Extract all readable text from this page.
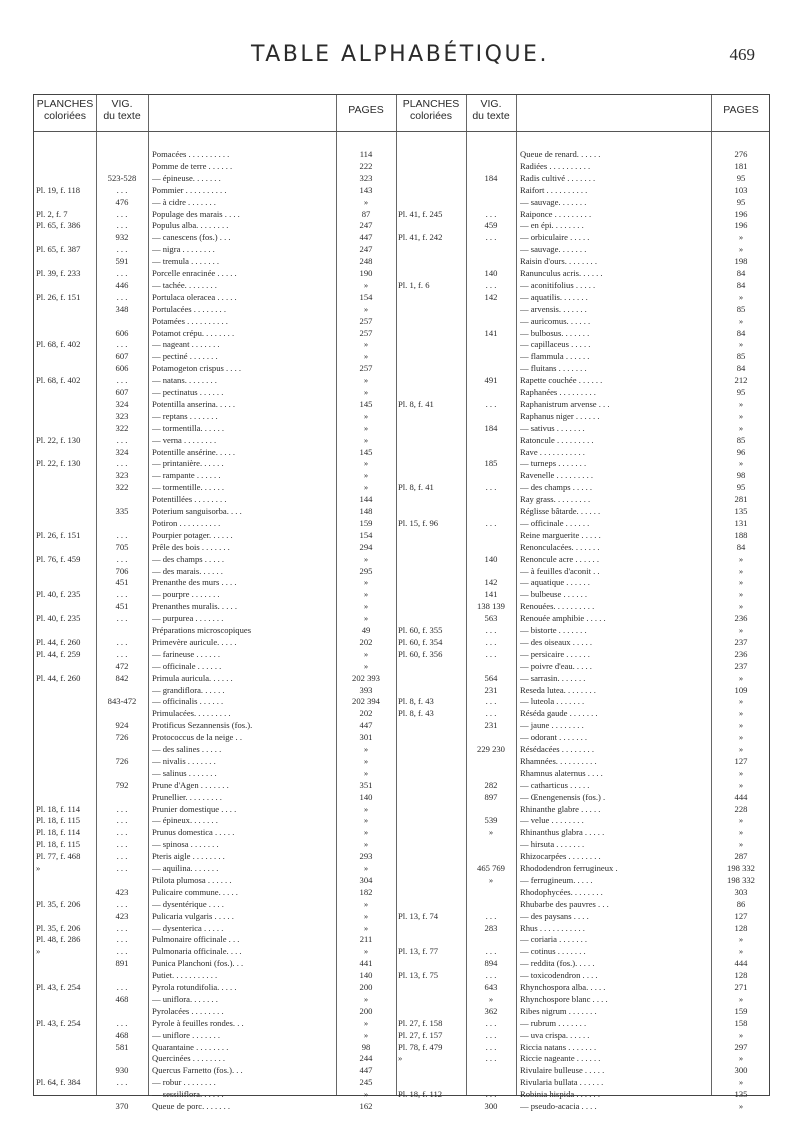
TABLE ALPHABÉTIQUE.	469
PLANCHES
coloriées
VIG.
du texte	PAGES	PLANCHES
coloriées
VIG.
du texte	PAGES
Pomacées . . . . . . . . . .	114
Pomme de terre . . . . . .	222
523-528	— épineuse. . . . . . .	323
Pl. 19, f. 118	. . .	Pommier . . . . . . . . . .	143
476	— à cidre . . . . . . .	»
Pl. 2, f. 7	. . .	Populage des marais . . . .	87
Pl. 65, f. 386	. . .	Populus alba. . . . . . . .	247
932	— canescens (fos.) . . .	447
Pl. 65, f. 387	. . .	— nigra . . . . . . . .	247
591	— tremula . . . . . . .	248
Pl. 39, f. 233	. . .	Porcelle enracinée . . . . .	190
446	— tachée. . . . . . . .	»
Pl. 26, f. 151	. . .	Portulaca oleracea . . . . .	154
348	Portulacées . . . . . . . .	»
Potamées . . . . . . . . . .	257
606	Potamot crépu. . . . . . . .	257
Pl. 68, f. 402	. . .	— nageant . . . . . . .	»
607	— pectiné . . . . . . .	»
606	Potamogeton crispus . . . .	257
Pl. 68, f. 402	. . .	— natans. . . . . . . .	»
607	— pectinatus . . . . . .	»
324	Potentilla anserina. . . . .	145
323	— reptans . . . . . . .	»
322	— tormentilla. . . . . .	»
Pl. 22, f. 130	. . .	— verna . . . . . . . .	»
324	Potentille ansérine. . . . .	145
Pl. 22, f. 130	. . .	— printanière. . . . . .	»
323	— rampante . . . . . .	»
322	— tormentille. . . . . .	»
Potentillées . . . . . . . .	144
335	Poterium sanguisorba. . . .	148
Potiron . . . . . . . . . .	159
Pl. 26, f. 151	. . .	Pourpier potager. . . . . .	154
705	Prêle des bois . . . . . . .	294
Pl. 76, f. 459	. . .	— des champs . . . . .	»
706	— des marais. . . . . .	295
451	Prenanthe des murs . . . .	»
Pl. 40, f. 235	. . .	— pourpre . . . . . . .	»
451	Prenanthes muralis. . . . .	»
Pl. 40, f. 235	. . .	— purpurea . . . . . . .	»
Préparations microscopiques	49
Pl. 44, f. 260	. . .	Primevère auricule. . . . .	202
Pl. 44, f. 259	. . .	— farineuse . . . . . .	»
472	— officinale . . . . . .	»
Pl. 44, f. 260	842	Primula auricula. . . . . .	202 393
— grandiflora. . . . . .	393
843-472	— officinalis . . . . . .	202 394
Primulacées. . . . . . . . .	202
924	Protificus Sezannensis (fos.).	447
726	Protococcus de la neige . .	301
— des salines . . . . .	»
726	— nivalis . . . . . . .	»
— salinus . . . . . . .	»
792	Prune d'Agen . . . . . . .	351
Prunellier. . . . . . . . .	140
Pl. 18, f. 114	. . .	Prunier domestique . . . .	»
Pl. 18, f. 115	. . .	— épineux. . . . . . .	»
Pl. 18, f. 114	. . .	Prunus domestica . . . . .	»
Pl. 18, f. 115	. . .	— spinosa . . . . . . .	»
Pl. 77, f. 468	. . .	Pteris aigle . . . . . . . .	293
»	. . .	— aquilina. . . . . . .	»
Ptilota plumosa . . . . . .	304
423	Pulicaire commune. . . . .	182
Pl. 35, f. 206	. . .	— dysentérique . . . .	»
423	Pulicaria vulgaris . . . . .	»
Pl. 35, f. 206	. . .	— dysenterica . . . . .	»
Pl. 48, f. 286	. . .	Pulmonaire officinale . . .	211
»	. . .	Pulmonaria officinale. . . .	»
891	Punica Planchoni (fos.). . .	441
Putiet. . . . . . . . . . .	140
Pl. 43, f. 254	. . .	Pyrola rotundifolia. . . . .	200
468	— uniflora. . . . . . .	»
Pyrolacées . . . . . . . .	200
Pl. 43, f. 254	. . .	Pyrole à feuilles rondes. . .	»
468	— uniflore . . . . . . .	»
581	Quarantaine . . . . . . . .	98
Quercinées . . . . . . . .	244
930	Quercus Farnetto (fos.). . .	447
Pl. 64, f. 384	. . .	— robur . . . . . . . .	245
— sessiliflora. . . . . .	»
370	Queue de porc. . . . . . .	162
Queue de renard. . . . . .	276
Radiées . . . . . . . . . .	181
184	Radis cultivé . . . . . . .	95
Raifort . . . . . . . . . .	103
— sauvage. . . . . . .	95
Pl. 41, f. 245	. . .	Raiponce . . . . . . . . .	196
459	— en épi. . . . . . . .	196
Pl. 41, f. 242	. . .	— orbiculaire . . . . .	»
— sauvage. . . . . . .	»
Raisin d'ours. . . . . . . .	198
140	Ranunculus acris. . . . . .	84
Pl. 1, f. 6	. . .	— aconitifolius . . . . .	84
142	— aquatilis. . . . . . .	»
— arvensis. . . . . . .	85
— auricomus. . . . . .	»
141	— bulbosus. . . . . . .	84
— capillaceus . . . . .	»
— flammula . . . . . .	85
— fluitans . . . . . . .	84
491	Rapette couchée . . . . . .	212
Raphanées . . . . . . . . .	95
Pl. 8, f. 41	. . .	Raphanistrum arvense . . .	»
Raphanus niger . . . . . .	»
184	— sativus . . . . . . .	»
Ratoncule . . . . . . . . .	85
Rave . . . . . . . . . . .	96
185	— turneps . . . . . . .	»
Ravenelle . . . . . . . . .	98
Pl. 8, f. 41	. . .	— des champs . . . . .	95
Ray grass. . . . . . . . .	281
Réglisse bâtarde. . . . . .	135
Pl. 15, f. 96	. . .	— officinale . . . . . .	131
Reine marguerite . . . . .	188
Renonculacées. . . . . . .	84
140	Renoncule acre . . . . . .	»
— à feuilles d'aconit . .	»
142	— aquatique . . . . . .	»
141	— bulbeuse . . . . . .	»
138 139	Renouées. . . . . . . . . .	»
563	Renouée amphibie . . . . .	236
Pl. 60, f. 355	. . .	— bistorte . . . . . . .	»
Pl. 60, f. 354	. . .	— des oiseaux . . . . .	237
Pl. 60, f. 356	. . .	— persicaire . . . . . .	236
— poivre d'eau. . . . .	237
564	— sarrasin. . . . . . .	»
231	Reseda lutea. . . . . . . .	109
Pl. 8, f. 43	. . .	— luteola . . . . . . .	»
Pl. 8, f. 43	. . .	Réséda gaude . . . . . . .	»
231	— jaune . . . . . . . .	»
— odorant . . . . . . .	»
229 230	Résédacées . . . . . . . .	»
Rhamnées. . . . . . . . . .	127
Rhamnus alaternus . . . .	»
282	— catharticus . . . . .	»
897	— Œnengenensis (fos.) .	444
Rhinanthe glabre . . . . .	228
539	— velue . . . . . . . .	»
»	Rhinanthus glabra . . . . .	»
— hirsuta . . . . . . .	»
Rhizocarpées . . . . . . . .	287
465 769	Rhododendron ferrugineux .	198 332
»	— ferrugineum. . . . .	198 332
Rhodophycées. . . . . . . .	303
Rhubarbe des pauvres . . .	86
Pl. 13, f. 74	. . .	— des paysans . . . .	127
283	Rhus . . . . . . . . . . .	128
— coriaria . . . . . . .	»
Pl. 13, f. 77	. . .	— cotinus . . . . . . .	»
894	— reddita (fos.). . . . .	444
Pl. 13, f. 75	. . .	— toxicodendron . . . .	128
643	Rhynchospora alba. . . . .	271
»	Rhynchospore blanc . . . .	»
362	Ribes nigrum . . . . . . .	159
Pl. 27, f. 158	. . .	— rubrum . . . . . . .	158
Pl. 27, f. 157	. . .	— uva crispa. . . . . .	»
Pl. 78, f. 479	. . .	Riccia natans . . . . . . .	297
»	. . .	Riccie nageante . . . . . .	»
Rivulaire bulleuse . . . . .	300
Rivularia bullata . . . . . .	»
Pl. 18, f. 112	. . .	Robinia hispida . . . . . .	135
300	— pseudo-acacia . . . .	»
